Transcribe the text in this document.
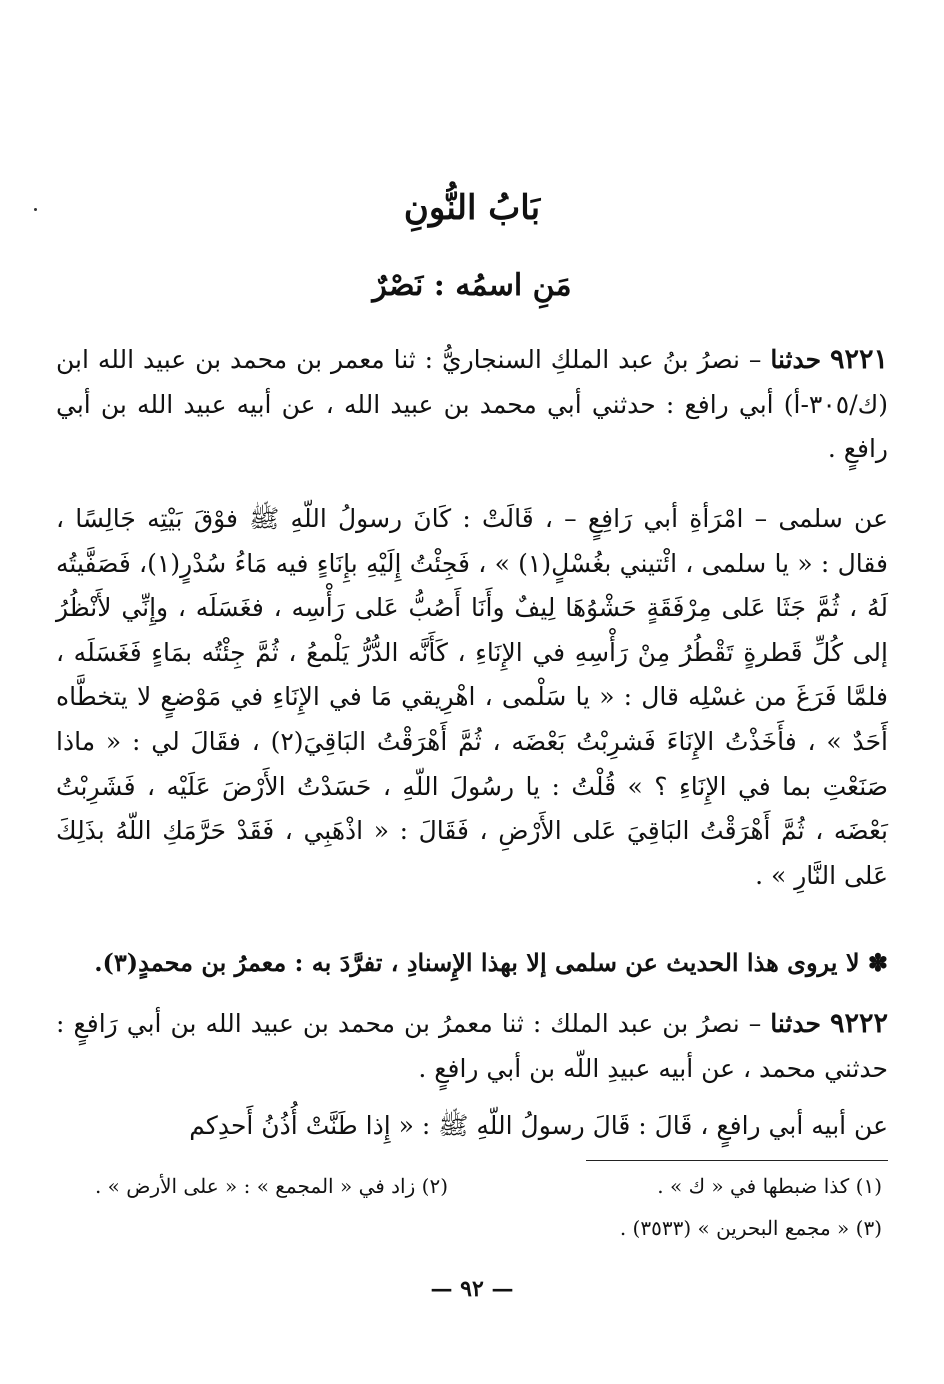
بَابُ النُّونِ
مَنِ اسمُه : نَصْرٌ
٩٢٢١ حدثنا – نصرُ بنُ عبد الملكِ السنجاريُّ : ثنا معمر بن محمد بن عبيد الله ابن (ك/٣٠٥-أ) أبي رافع : حدثني أبي محمد بن عبيد الله ، عن أبيه عبيد الله بن أبي رافعٍ .
عن سلمى – امْرَأةِ أبي رَافِعٍ – ، قَالَتْ : كَانَ رسولُ اللّهِ ﷺ فوْقَ بَيْتِه جَالِسًا ، فقال : « يا سلمى ، ائْتيني بغُسْلٍ(١) » ، فَجِئْتُ إِلَيْهِ بإِنَاءٍ فيه مَاءُ سُدْرٍ(١)، فَصَفَّيتُه لَهُ ، ثُمَّ جَثَا عَلى مِرْفَقَةٍ حَشْوُهَا لِيفٌ وأَنَا أَصُبُّ عَلى رَأْسِه ، فغَسَلَه ، وإِنِّي لأَنْظُرُ إلى كُلِّ قَطرةٍ تَقْطُرُ مِنْ رَأْسِهِ في الإِنَاءِ ، كَأَنَّه الدُّرُّ يَلْمعُ ، ثُمَّ جِئْتُه بمَاءٍ فَغَسَلَه ، فلمَّا فَرَغَ من غسْلِه قال : « يا سَلْمى ، اهْرِيقي مَا في الإِنَاءِ في مَوْضعٍ لا يتخطَّاه أَحَدٌ » ، فأَخَذْتُ الإِنَاءَ فَشرِبْتُ بَعْضَه ، ثُمَّ أَهْرَقْتُ البَاقِيَ(٢) ، فقَالَ لي : « ماذا صَنَعْتِ بما في الإِنَاءِ ؟ » قُلْتُ : يا رسُولَ اللّهِ ، حَسَدْتُ الأَرْضَ عَلَيْه ، فَشَرِبْتُ بَعْضَه ، ثُمَّ أَهْرَقْتُ البَاقِيَ عَلى الأَرْضِ ، فَقَالَ : « اذْهَبِي ، فَقَدْ حَرَّمَكِ اللّهُ بذَلِكَ عَلى النَّارِ » .
✽ لا يروى هذا الحديث عن سلمى إلا بهذا الإِسنادِ ، تفرَّدَ به : معمرُ بن محمدٍ(٣).
٩٢٢٢ حدثنا – نصرُ بن عبد الملك : ثنا معمرُ بن محمد بن عبيد الله بن أبي رَافعٍ : حدثني محمد ، عن أبيه عبيدِ اللّه بن أبي رافعٍ .
عن أبيه أبي رافعٍ ، قَالَ : قَالَ رسولُ اللّهِ ﷺ : « إِذا طَنَّتْ أُذُنُ أَحدِكم
(١) كذا ضبطها في « ك » .
(٢) زاد في « المجمع » : « على الأرض » .
(٣) « مجمع البحرين » (٣٥٣٣) .
— ٩٢ —
